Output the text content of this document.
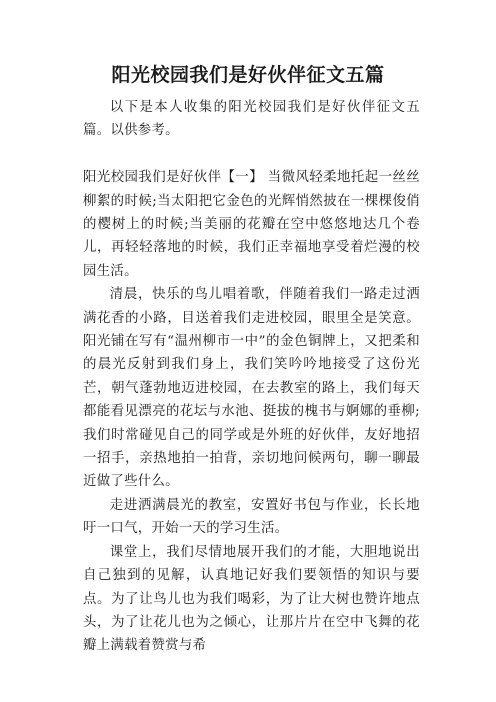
阳光校园我们是好伙伴征文五篇

以下是本人收集的阳光校园我们是好伙伴征文五篇。以供参考。

阳光校园我们是好伙伴【一】 当微风轻柔地托起一丝丝柳絮的时候;当太阳把它金色的光辉悄然披在一棵棵俊俏的樱树上的时候;当美丽的花瓣在空中悠悠地达几个卷儿，再轻轻落地的时候，我们正幸福地享受着烂漫的校园生活。

清晨，快乐的鸟儿唱着歌，伴随着我们一路走过洒满花香的小路，目送着我们走进校园，眼里全是笑意。阳光铺在写有“温州柳市一中”的金色铜牌上，又把柔和的晨光反射到我们身上，我们笑吟吟地接受了这份光芒，朝气蓬勃地迈进校园，在去教室的路上，我们每天都能看见漂亮的花坛与水池、挺拔的槐书与婀娜的垂柳;我们时常碰见自己的同学或是外班的好伙伴，友好地招一招手，亲热地拍一拍背，亲切地问候两句，聊一聊最近做了些什么。

走进洒满晨光的教室，安置好书包与作业，长长地吁一口气，开始一天的学习生活。

课堂上，我们尽情地展开我们的才能，大胆地说出自己独到的见解，认真地记好我们要领悟的知识与要点。为了让鸟儿也为我们喝彩，为了让大树也赞许地点头，为了让花儿也为之倾心，让那片片在空中飞舞的花瓣上满载着赞赏与希
